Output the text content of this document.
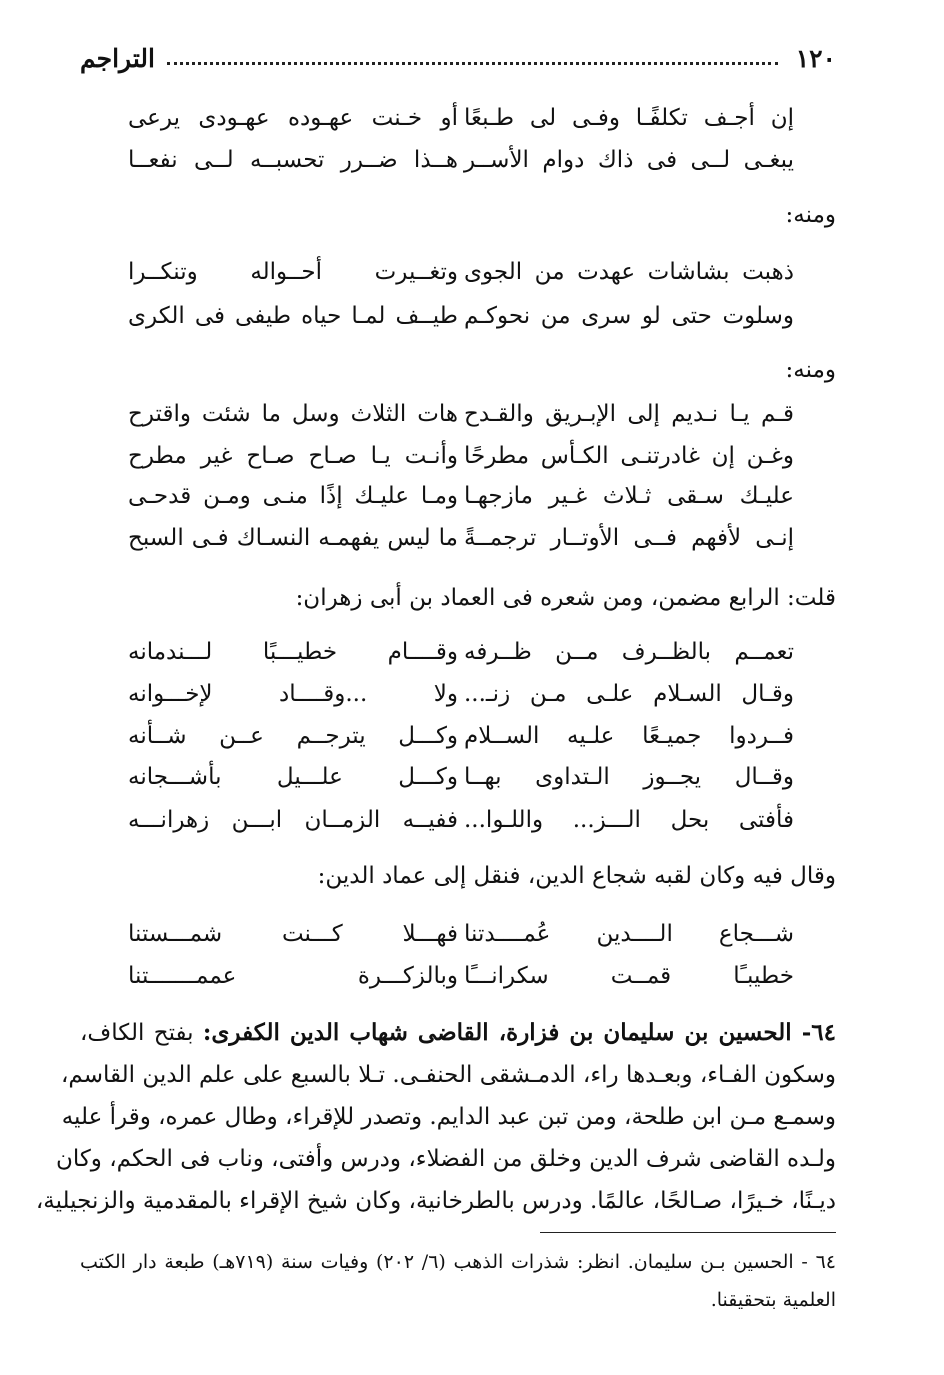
١٢٠
التراجم
إن أجـف تكلفًـا وفـى لى طـبعًا
أو خـنت عهـوده عهـودى يرعى
يبغـى لــى فى ذاك دوام الأســر
هــذا ضــرر تحسبــه لــى نفعــا
ومنه:
ذهبت بشاشات عهدت من الجوى
وتغــيرت أحــواله وتنكــرا
وسلوت حتى لو سرى من نحوكـم
طيــف لمـا حياه طيفى فى الكرى
ومنه:
قـم يـا نـديم إلى الإبـريق والقـدح
هات الثلاث وسل ما شئت واقترح
وغـن إن غادرتنـى الكـأس مطرحًا
وأنـت يـا صـاح صـاح غير مطرح
عليـك سـقى ثـلاث غـير مازجهـا
ومـا عليـك إذًا منـى ومـن قدحـى
إنـى لأفهم فــى الأوتــار ترجمــةً
ما ليس يفهمـه النسـاك فـى السبح
قلت: الرابع مضمن، ومن شعره فى العماد بن أبى زهران:
تعمــم بالظــرف مــن ظــرفه
وقــــام خطيـــبًا لـــندمانه
وقـال السـلام علـى مـن زنـ...
ولا ...وقــــاد لإخـــوانه
فــردوا جميـعًا علـيه الســلام
وكـــل يترجــم عــن شــأنه
وقــال يجــوز الـتداوى بهــا
وكـــل علـــيل بأشـــجانه
فأفتى بحل الـــز... واللـوا...
ففيــه الزمــان ابـــن زهرانـــه
وقال فيه وكان لقبه شجاع الدين، فنقل إلى عماد الدين:
شـــجاع الــــدين عُمــــدتنا
فهـــلا كـــنت شمـــستنا
خطيبـًا قمــت سكرانـــًا
وبالزكـــرة عممـــــــتنا
٦٤- الحسين بن سليمان بن فزارة، القاضى شهاب الدين الكفرى: بفتح الكاف،
وسكون الفـاء، وبعـدها راء، الدمـشقى الحنفـى. تـلا بالسبع على علم الدين القاسم،
وسمـع مـن ابن طلحة، ومن تبن عبد الدايم. وتصدر للإقراء، وطال عمره، وقرأ عليه
ولـده القاضى شرف الدين وخلق من الفضلاء، ودرس وأفتى، وناب فى الحكم، وكان
ديـنًا، خـيرًا، صـالحًا، عالمًا. ودرس بالطرخانية، وكان شيخ الإقراء بالمقدمية والزنجيلية،
٦٤ - الحسين بـن سليمان. انظر: شذرات الذهب (٦/ ٢٠٢) وفيات سنة (٧١٩هـ) طبعة دار الكتب
العلمية بتحقيقنا.
